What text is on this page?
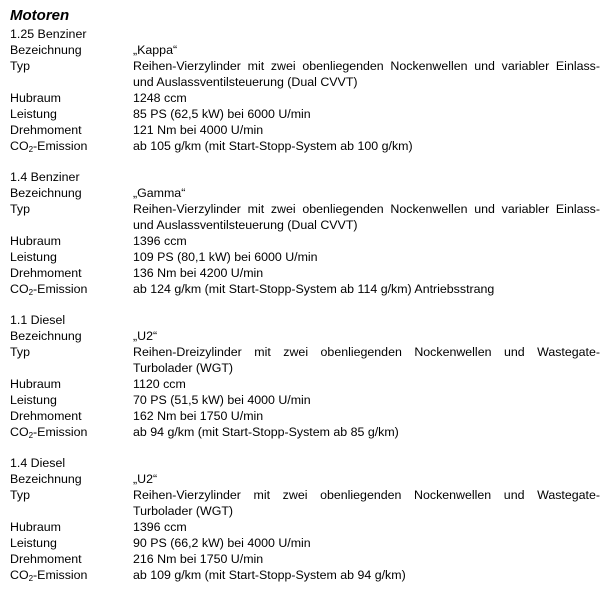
Motoren
1.25 Benziner
Bezeichnung	„Kappa“
Typ	Reihen-Vierzylinder mit zwei obenliegenden Nockenwellen und variabler Einlass- und Auslassventilsteuerung (Dual CVVT)
Hubraum	1248 ccm
Leistung	85 PS (62,5 kW) bei 6000 U/min
Drehmoment	121 Nm bei 4000 U/min
$CO_2$-Emission	ab 105 g/km (mit Start-Stopp-System ab 100 g/km)
1.4 Benziner
Bezeichnung	„Gamma“
Typ	Reihen-Vierzylinder mit zwei obenliegenden Nockenwellen und variabler Einlass- und Auslassventilsteuerung (Dual CVVT)
Hubraum	1396 ccm
Leistung	109 PS (80,1 kW) bei 6000 U/min
Drehmoment	136 Nm bei 4200 U/min
$CO_2$-Emission	ab 124 g/km (mit Start-Stopp-System ab 114 g/km) Antriebsstrang
1.1 Diesel
Bezeichnung	„U2“
Typ	Reihen-Dreizylinder mit zwei obenliegenden Nockenwellen und Wastegate-Turbolader (WGT)
Hubraum	1120 ccm
Leistung	70 PS (51,5 kW) bei 4000 U/min
Drehmoment	162 Nm bei 1750 U/min
$CO_2$-Emission	ab 94 g/km (mit Start-Stopp-System ab 85 g/km)
1.4 Diesel
Bezeichnung	„U2“
Typ	Reihen-Vierzylinder mit zwei obenliegenden Nockenwellen und Wastegate-Turbolader (WGT)
Hubraum	1396 ccm
Leistung	90 PS (66,2 kW) bei 4000 U/min
Drehmoment	216 Nm bei 1750 U/min
$CO_2$-Emission	ab 109 g/km (mit Start-Stopp-System ab 94 g/km)
